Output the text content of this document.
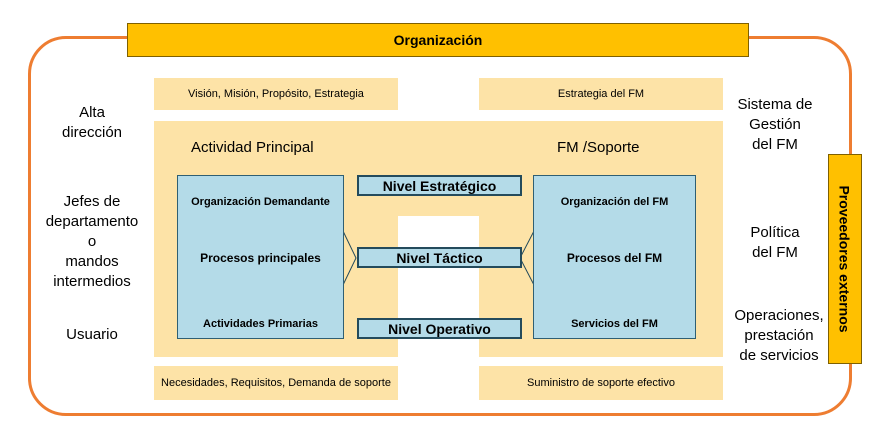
Organización
Proveedores externos
Visión, Misión, Propósito, Estrategia	Estrategia del FM
Actividad Principal	FM /Soporte
Organización Demandante
Procesos principales
Actividades Primarias
Organización del FM
Procesos del FM
Servicios del FM
Nivel Estratégico
Nivel Táctico
Nivel Operativo
Necesidades, Requisitos, Demanda de soporte	Suministro de soporte efectivo
Alta
dirección
Jefes de
departamento
o
mandos
intermedios
Usuario
Sistema de
Gestión
del FM
Política
del FM
Operaciones,
prestación
de servicios
